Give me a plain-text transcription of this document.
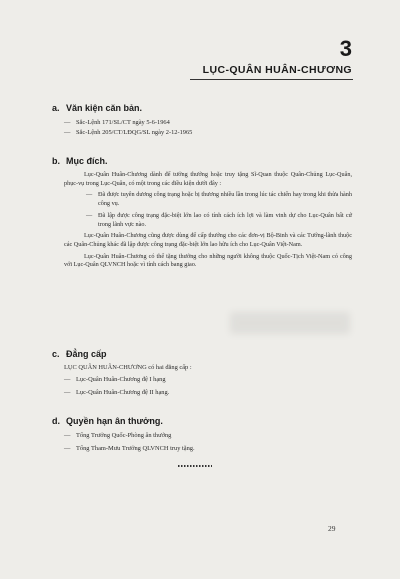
3
LỤC-QUÂN HUÂN-CHƯƠNG

a. Văn kiện căn bản.

— Sắc-Lệnh 171/SL/CT ngày 5-6-1964
— Sắc-Lệnh 205/CT/LĐQG/SL ngày 2-12-1965

b. Mục đích.

Lục-Quân Huân-Chương dành để tưởng thưởng hoặc truy tặng Sĩ-Quan thuộc Quân-Chủng Lục-Quân, phục-vụ trong Lục-Quân, có một trong các điều kiện dưới đây :

— Đã được tuyên dương công trạng hoặc bị thương nhiều lần trong lúc tác chiến hay trong khi thừa hành công vụ.

— Đã lập được công trạng đặc-biệt lớn lao có tính cách ích lợi và làm vinh dự cho Lục-Quân bất cứ trong lãnh vực nào.

Lục-Quân Huân-Chương cũng được dùng để cấp thưởng cho các đơn-vị Bộ-Binh và các Tướng-lãnh thuộc các Quân-Chủng khác đã lập được công trạng đặc-biệt lớn lao hữu ích cho Lục-Quân Việt-Nam.

Lục-Quân Huân-Chương có thể tặng thưởng cho những người không thuộc Quốc-Tịch Việt-Nam có công với Lục-Quân QLVNCH hoặc vì tính cách bang giao.

c. Đẳng cấp

LỤC QUÂN HUÂN-CHƯƠNG có hai đẳng cấp :
— Lục-Quân Huân-Chương đệ I hạng
— Lục-Quân Huân-Chương đệ II hạng.

d. Quyền hạn ân thưởng.

— Tổng Trưởng Quốc-Phòng ân thưởng
— Tổng Tham-Mưu Trưởng QLVNCH truy tặng.
29
